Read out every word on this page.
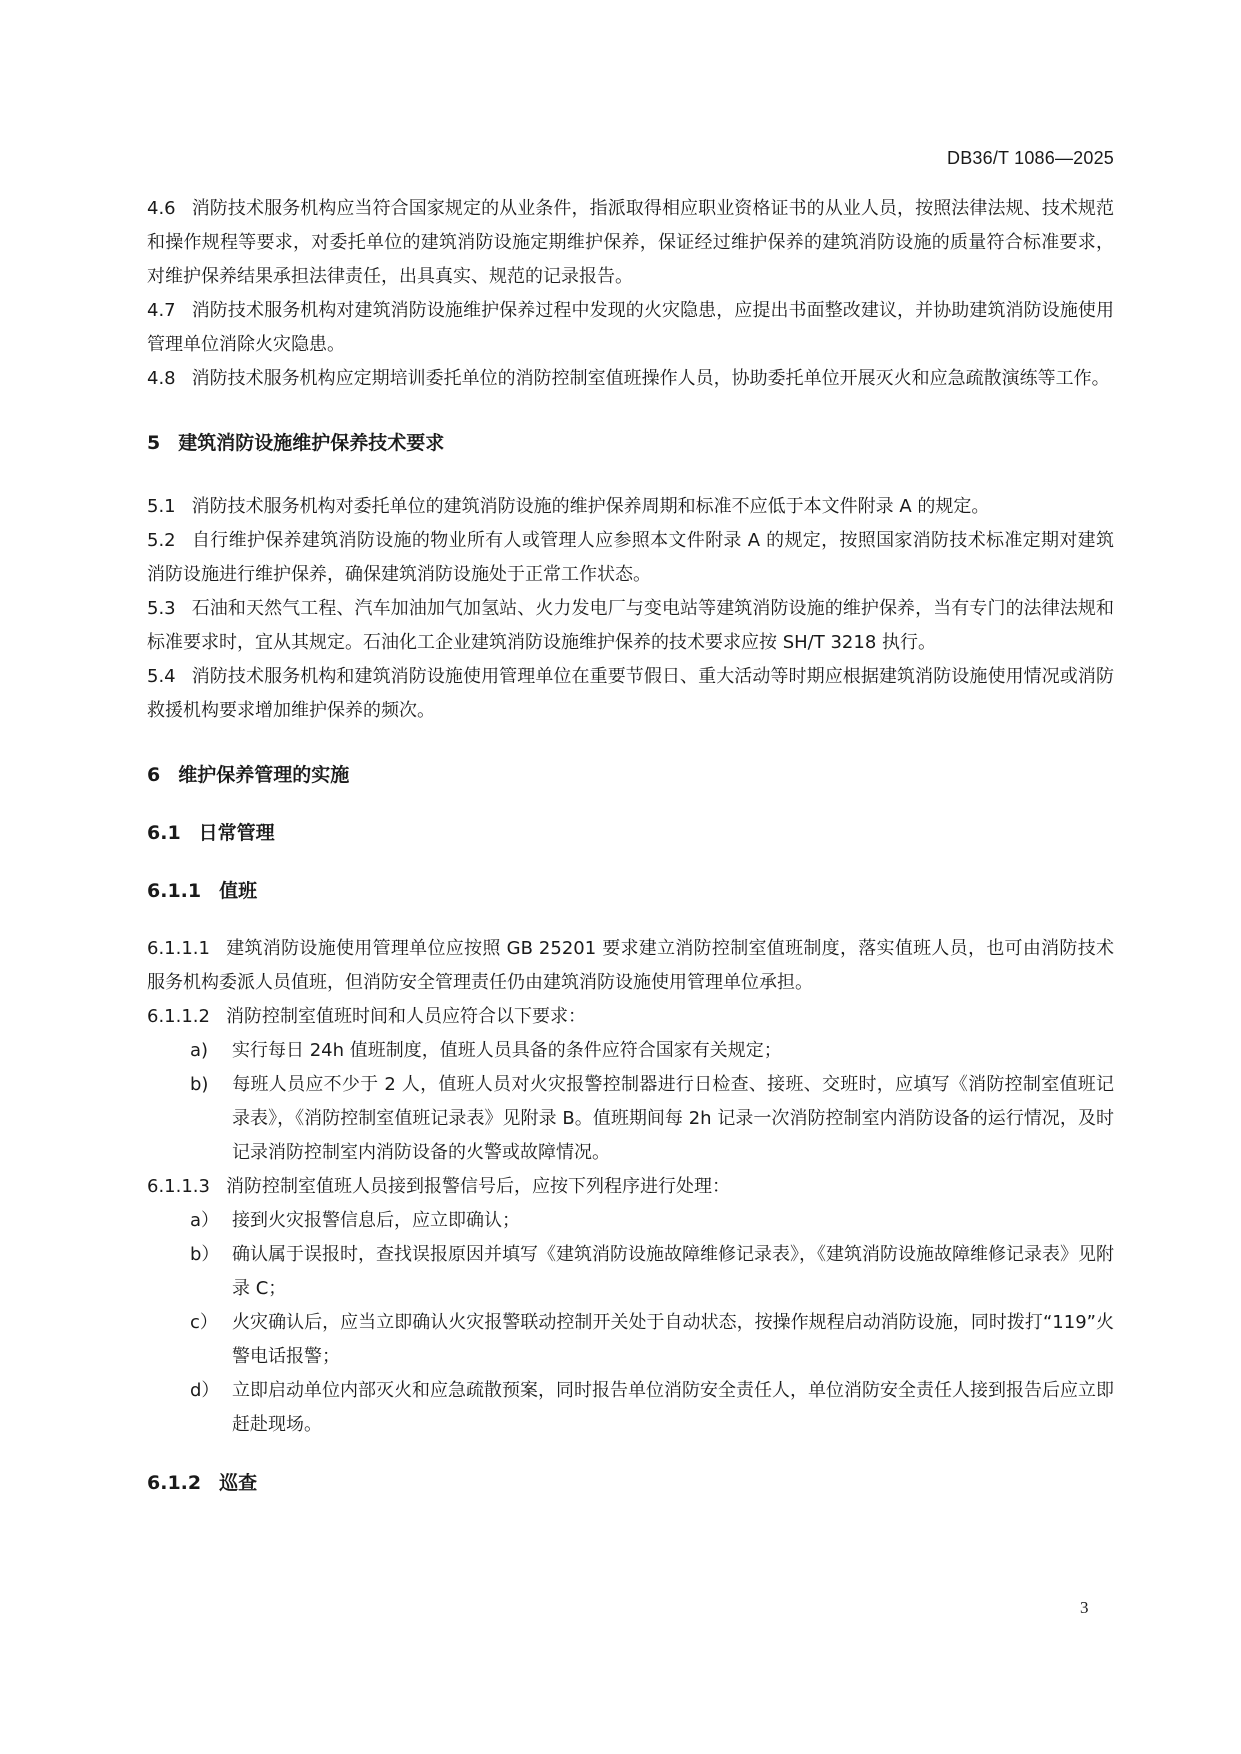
DB36/T 1086—2025

4.6 消防技术服务机构应当符合国家规定的从业条件，指派取得相应职业资格证书的从业人员，按照法律法规、技术规范和操作规程等要求，对委托单位的建筑消防设施定期维护保养，保证经过维护保养的建筑消防设施的质量符合标准要求，对维护保养结果承担法律责任，出具真实、规范的记录报告。

4.7 消防技术服务机构对建筑消防设施维护保养过程中发现的火灾隐患，应提出书面整改建议，并协助建筑消防设施使用管理单位消除火灾隐患。

4.8 消防技术服务机构应定期培训委托单位的消防控制室值班操作人员，协助委托单位开展灭火和应急疏散演练等工作。

5 建筑消防设施维护保养技术要求

5.1 消防技术服务机构对委托单位的建筑消防设施的维护保养周期和标准不应低于本文件附录 A 的规定。

5.2 自行维护保养建筑消防设施的物业所有人或管理人应参照本文件附录 A 的规定，按照国家消防技术标准定期对建筑消防设施进行维护保养，确保建筑消防设施处于正常工作状态。

5.3 石油和天然气工程、汽车加油加气加氢站、火力发电厂与变电站等建筑消防设施的维护保养，当有专门的法律法规和标准要求时，宜从其规定。石油化工企业建筑消防设施维护保养的技术要求应按 SH/T 3218 执行。

5.4 消防技术服务机构和建筑消防设施使用管理单位在重要节假日、重大活动等时期应根据建筑消防设施使用情况或消防救援机构要求增加维护保养的频次。

6 维护保养管理的实施
6.1 日常管理
6.1.1 值班

6.1.1.1 建筑消防设施使用管理单位应按照 GB 25201 要求建立消防控制室值班制度，落实值班人员，也可由消防技术服务机构委派人员值班，但消防安全管理责任仍由建筑消防设施使用管理单位承担。

6.1.1.2 消防控制室值班时间和人员应符合以下要求：

a) 实行每日 24h 值班制度，值班人员具备的条件应符合国家有关规定；

b) 每班人员应不少于 2 人，值班人员对火灾报警控制器进行日检查、接班、交班时，应填写《消防控制室值班记录表》，《消防控制室值班记录表》见附录 B。值班期间每 2h 记录一次消防控制室内消防设备的运行情况，及时记录消防控制室内消防设备的火警或故障情况。

6.1.1.3 消防控制室值班人员接到报警信号后，应按下列程序进行处理：

a） 接到火灾报警信息后，应立即确认；

b） 确认属于误报时，查找误报原因并填写《建筑消防设施故障维修记录表》，《建筑消防设施故障维修记录表》见附录 C；

c） 火灾确认后，应当立即确认火灾报警联动控制开关处于自动状态，按操作规程启动消防设施，同时拨打“119”火警电话报警；

d） 立即启动单位内部灭火和应急疏散预案，同时报告单位消防安全责任人，单位消防安全责任人接到报告后应立即赶赴现场。

6.1.2 巡查
3
